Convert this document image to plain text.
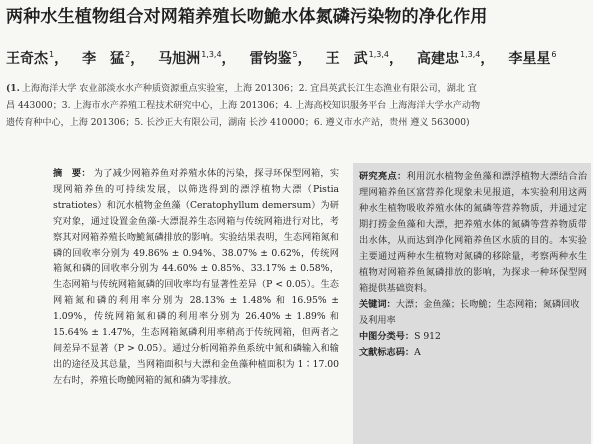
两种水生植物组合对网箱养殖长吻鮠水体氮磷污染物的净化作用
王奇杰$^1$， 李　猛$^2$， 马旭洲$^{1,3,4}$， 雷钧鉴$^5$， 王　武$^{1,3,4}$， 高建忠$^{1,3,4}$， 李星星$^6$
(1. 上海海洋大学 农业部淡水水产种质资源重点实验室，上海 201306；2. 宜昌英武长江生态渔业有限公司，湖北 宜
昌 443000；3. 上海市水产养殖工程技术研究中心，上海 201306；4. 上海高校知识服务平台 上海海洋大学水产动物
遗传育种中心，上海 201306；5. 长沙正大有限公司，湖南 长沙 410000；6. 遵义市水产站，贵州 遵义 563000)
摘　要： 为了减少网箱养鱼对养殖水体的污染，探寻环保型网箱，实现网箱养鱼的可持续发展，以筛选得到的漂浮植物大漂（Pistia stratiotes）和沉水植物金鱼藻（Ceratophyllum demersum）为研究对象，通过设置金鱼藻-大漂混养生态网箱与传统网箱进行对比，考察其对网箱养殖长吻鮠氮磷排放的影响。实验结果表明，生态网箱氮和磷的回收率分别为 49.86% ± 0.94%、38.07% ± 0.62%，传统网箱氮和磷的回收率分别为 44.60% ± 0.85%、33.17% ± 0.58%，生态网箱与传统网箱氮磷的回收率均有显著性差异（P < 0.05）。生态网箱氮和磷的利用率分别为 28.13% ± 1.48% 和 16.95% ± 1.09%，传统网箱氮和磷的利用率分别为 26.40% ± 1.89% 和 15.64% ± 1.47%，生态网箱氮磷利用率稍高于传统网箱，但两者之间差异不显著（P > 0.05）。通过分析网箱养鱼系统中氮和磷输入和输出的途径及其总量，当网箱面积与大漂和金鱼藻种植面积为 1∶17.00 左右时，养殖长吻鮠网箱的氮和磷为零排放。
研究亮点：利用沉水植物金鱼藻和漂浮植物大漂结合治理网箱养鱼区富营养化现象未见报道，本实验利用这两种水生植物吸收养殖水体的氮磷等营养物质，并通过定期打捞金鱼藻和大漂，把养殖水体的氮磷等营养物质带出水体，从而达到净化网箱养鱼区水质的目的。本实验主要通过两种水生植物对氮磷的移除量，考察两种水生植物对网箱养鱼氮磷排放的影响，为探求一种环保型网箱提供基础资料。
关键词：大漂；金鱼藻；长吻鮠；生态网箱；氮磷回收及利用率
中图分类号：S 912
文献标志码：A
